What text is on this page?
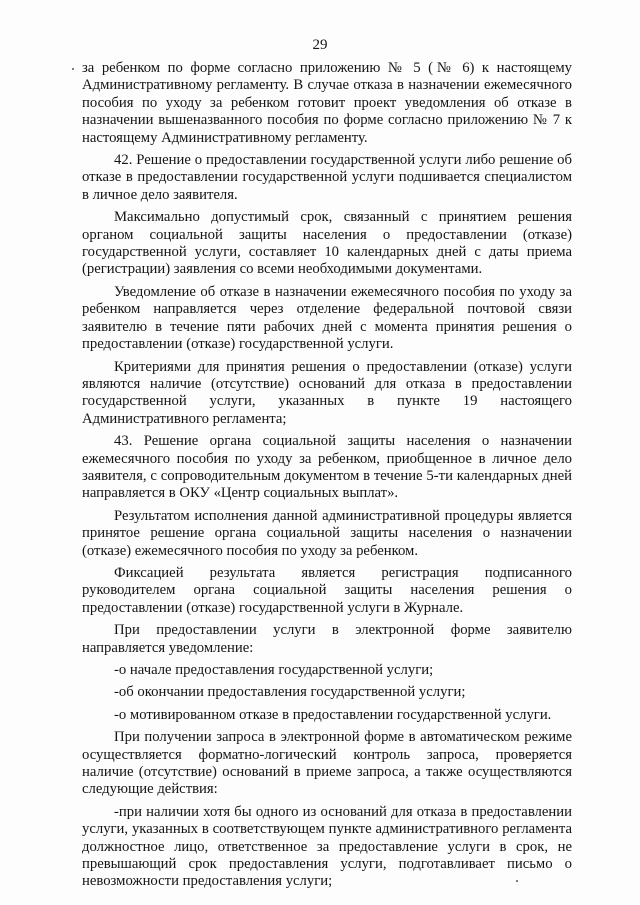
29

за ребенком по форме согласно приложению № 5 (№ 6) к настоящему Административному регламенту. В случае отказа в назначении ежемесячного пособия по уходу за ребенком готовит проект уведомления об отказе в назначении вышеназванного пособия по форме согласно приложению № 7 к настоящему Административному регламенту.

42. Решение о предоставлении государственной услуги либо решение об отказе в предоставлении государственной услуги подшивается специалистом в личное дело заявителя.

Максимально допустимый срок, связанный с принятием решения органом социальной защиты населения о предоставлении (отказе) государственной услуги, составляет 10 календарных дней с даты приема (регистрации) заявления со всеми необходимыми документами.

Уведомление об отказе в назначении ежемесячного пособия по уходу за ребенком направляется через отделение федеральной почтовой связи заявителю в течение пяти рабочих дней с момента принятия решения о предоставлении (отказе) государственной услуги.

Критериями для принятия решения о предоставлении (отказе) услуги являются наличие (отсутствие) оснований для отказа в предоставлении государственной услуги, указанных в пункте 19 настоящего Административного регламента;

43. Решение органа социальной защиты населения о назначении ежемесячного пособия по уходу за ребенком, приобщенное в личное дело заявителя, с сопроводительным документом в течение 5-ти календарных дней направляется в ОКУ «Центр социальных выплат».

Результатом исполнения данной административной процедуры является принятое решение органа социальной защиты населения о назначении (отказе) ежемесячного пособия по уходу за ребенком.

Фиксацией результата является регистрация подписанного руководителем органа социальной защиты населения решения о предоставлении (отказе) государственной услуги в Журнале.

При предоставлении услуги в электронной форме заявителю направляется уведомление:

-о начале предоставления государственной услуги;

-об окончании предоставления государственной услуги;

-о мотивированном отказе в предоставлении государственной услуги.

При получении запроса в электронной форме в автоматическом режиме осуществляется форматно-логический контроль запроса, проверяется наличие (отсутствие) оснований в приеме запроса, а также осуществляются следующие действия:

-при наличии хотя бы одного из оснований для отказа в предоставлении услуги, указанных в соответствующем пункте административного регламента должностное лицо, ответственное за предоставление услуги в срок, не превышающий срок предоставления услуги, подготавливает письмо о невозможности предоставления услуги;
